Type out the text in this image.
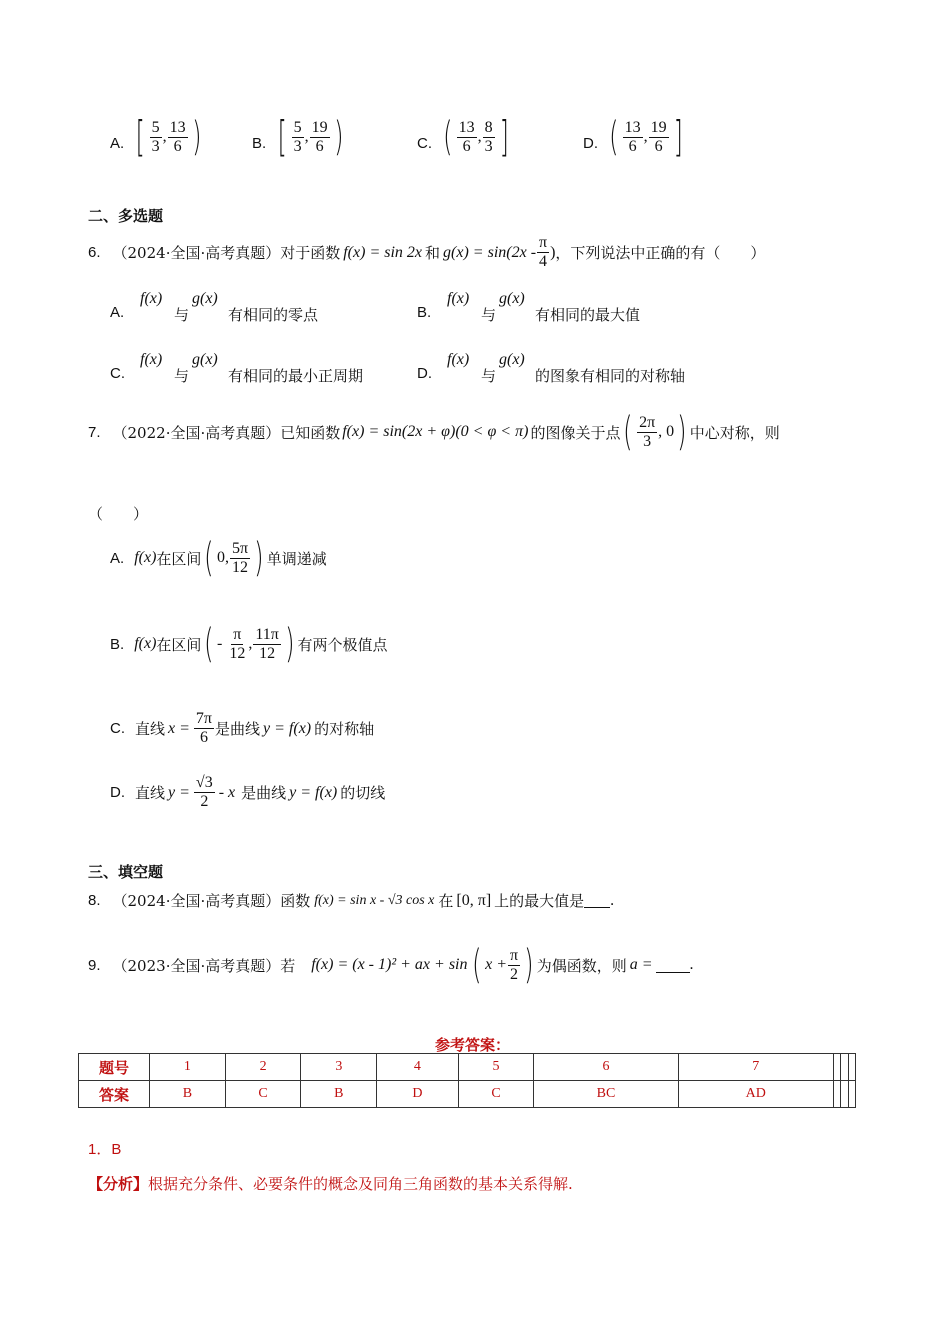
A. [ $\frac{5}{3}$ , $\frac{13}{6}$ )	B. [ $\frac{5}{3}$ , $\frac{19}{6}$ )	C. ( $\frac{13}{6}$ , $\frac{8}{3}$ ]	D. ( $\frac{13}{6}$ , $\frac{19}{6}$ ]
二、多选题
6. （2024·全国·高考真题）对于函数 f(x) = sin 2x 和 $g(x) = \sin(2x - \frac{\pi}{4}$ ) ，下列说法中正确的有（　　）
A.
f(x)
与
g(x)
有相同的零点	B.
f(x)
与
g(x)
有相同的最大值
C.
f(x)
与
g(x)
有相同的最小正周期	D.
f(x)
与
g(x)
的图象有相同的对称轴
7. （2022·全国·高考真题）已知函数 f(x) = sin(2x + φ)(0 < φ < π) 的图像关于点 ( $\frac{2\pi}{3}$ , 0 ) 中心对称，则
（　　）
A. f(x) 在区间 ( 0, $\frac{5\pi}{12}$ ) 单调递减
B. f(x) 在区间 ( - $\frac{\pi}{12}$ , $\frac{11\pi}{12}$ ) 有两个极值点
C. 直线 $x = \frac{7\pi}{6}$ 是曲线 y = f(x) 的对称轴
D. 直线 $y = \frac{√3}{2} - x$ 是曲线 y = f(x) 的切线
三、填空题
8. （2024·全国·高考真题）函数 f(x) = sin x - √3 cos x 在 [0, π] 上的最大值是 .
9. （2023·全国·高考真题）若 f(x) = (x - 1)² + ax + sin ( $x + \frac{\pi}{2}$ ) 为偶函数，则 a = .
参考答案：
题号	1	2	3	4	5	6	7			
答案	B	C	B	D	C	BC	AD			
1．B
【分析】根据充分条件、必要条件的概念及同角三角函数的基本关系得解.
